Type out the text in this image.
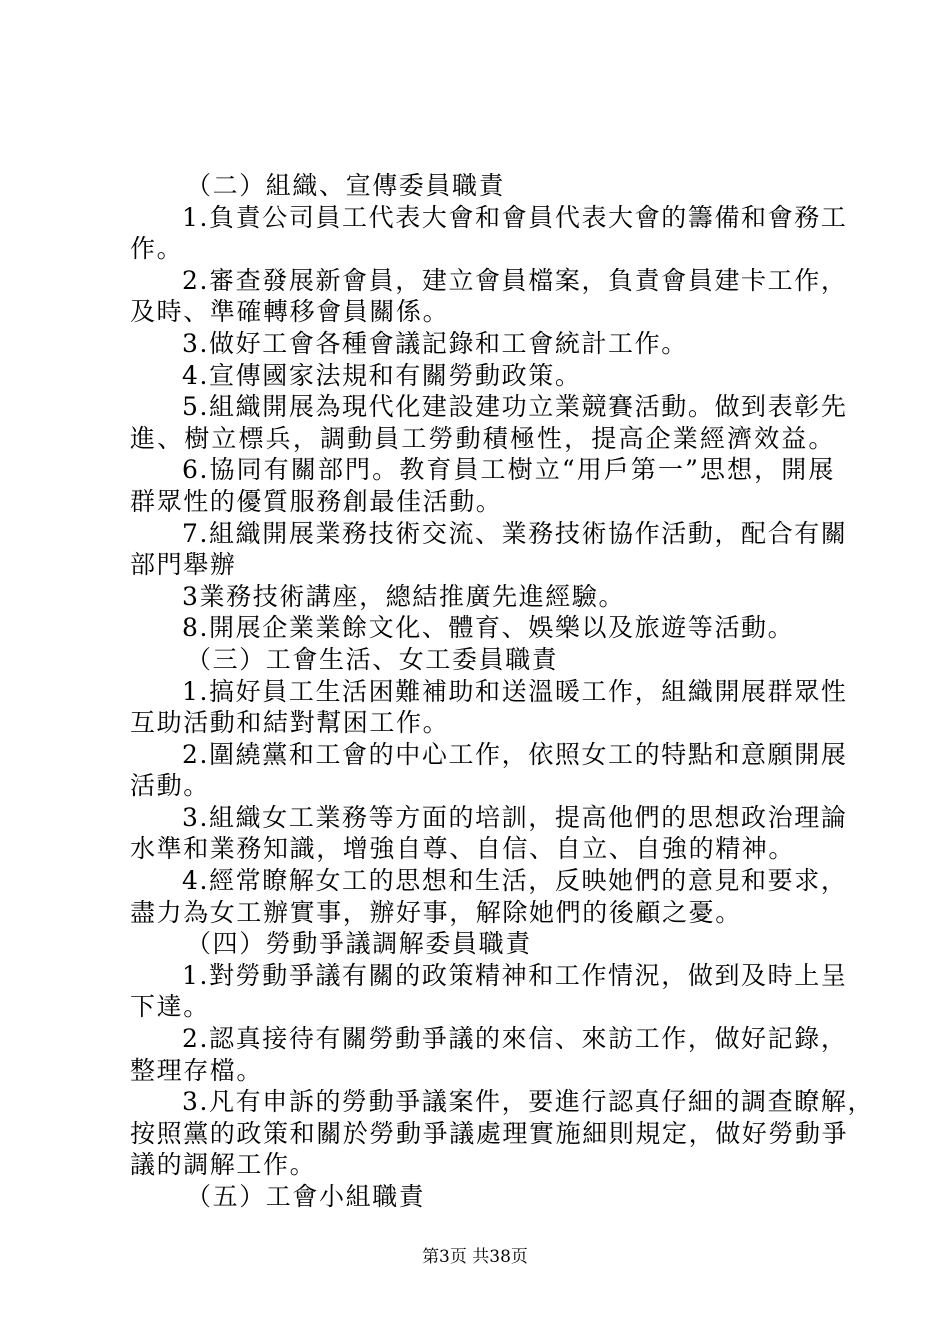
（二）組織、宣傳委員職責
1.負責公司員工代表大會和會員代表大會的籌備和會務工
作。
2.審查發展新會員，建立會員檔案，負責會員建卡工作，
及時、準確轉移會員關係。
3.做好工會各種會議記錄和工會統計工作。
4.宣傳國家法規和有關勞動政策。
5.組織開展為現代化建設建功立業競賽活動。做到表彰先
進、樹立標兵，調動員工勞動積極性，提高企業經濟效益。
6.協同有關部門。教育員工樹立“用戶第一”思想，開展
群眾性的優質服務創最佳活動。
7.組織開展業務技術交流、業務技術協作活動，配合有關
部門舉辦
3業務技術講座，總結推廣先進經驗。
8.開展企業業餘文化、體育、娛樂以及旅遊等活動。
（三）工會生活、女工委員職責
1.搞好員工生活困難補助和送溫暖工作，組織開展群眾性
互助活動和結對幫困工作。
2.圍繞黨和工會的中心工作，依照女工的特點和意願開展
活動。
3.組織女工業務等方面的培訓，提高他們的思想政治理論
水準和業務知識，增強自尊、自信、自立、自強的精神。
4.經常瞭解女工的思想和生活，反映她們的意見和要求，
盡力為女工辦實事，辦好事，解除她們的後顧之憂。
（四）勞動爭議調解委員職責
1.對勞動爭議有關的政策精神和工作情況，做到及時上呈
下達。
2.認真接待有關勞動爭議的來信、來訪工作，做好記錄，
整理存檔。
3.凡有申訴的勞動爭議案件，要進行認真仔細的調查瞭解，
按照黨的政策和關於勞動爭議處理實施細則規定，做好勞動爭
議的調解工作。
（五）工會小組職責
第3页 共38页
